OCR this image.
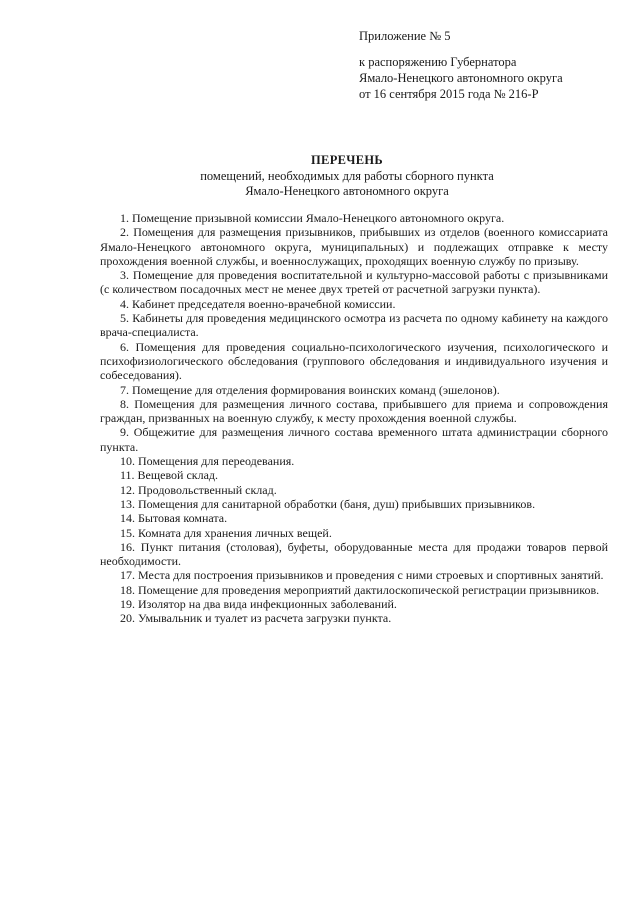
Приложение № 5
к распоряжению Губернатора
Ямало-Ненецкого автономного округа
от 16 сентября 2015 года № 216-Р
ПЕРЕЧЕНЬ
помещений, необходимых для работы сборного пункта
Ямало-Ненецкого автономного округа

1. Помещение призывной комиссии Ямало-Ненецкого автономного округа.

2. Помещения для размещения призывников, прибывших из отделов (военного комиссариата Ямало-Ненецкого автономного округа, муниципальных) и подлежащих отправке к месту прохождения военной службы, и военнослужащих, проходящих военную службу по призыву.

3. Помещение для проведения воспитательной и культурно-массовой работы с призывниками (с количеством посадочных мест не менее двух третей от расчетной загрузки пункта).

4. Кабинет председателя военно-врачебной комиссии.

5. Кабинеты для проведения медицинского осмотра из расчета по одному кабинету на каждого врача-специалиста.

6. Помещения для проведения социально-психологического изучения, психологического и психофизиологического обследования (группового обследования и индивидуального изучения и собеседования).

7. Помещение для отделения формирования воинских команд (эшелонов).

8. Помещения для размещения личного состава, прибывшего для приема и сопровождения граждан, призванных на военную службу, к месту прохождения военной службы.

9. Общежитие для размещения личного состава временного штата администрации сборного пункта.

10. Помещения для переодевания.

11. Вещевой склад.

12. Продовольственный склад.

13. Помещения для санитарной обработки (баня, душ) прибывших призывников.

14. Бытовая комната.

15. Комната для хранения личных вещей.

16. Пункт питания (столовая), буфеты, оборудованные места для продажи товаров первой необходимости.

17. Места для построения призывников и проведения с ними строевых и спортивных занятий.

18. Помещение для проведения мероприятий дактилоскопической регистрации призывников.

19. Изолятор на два вида инфекционных заболеваний.

20. Умывальник и туалет из расчета загрузки пункта.
